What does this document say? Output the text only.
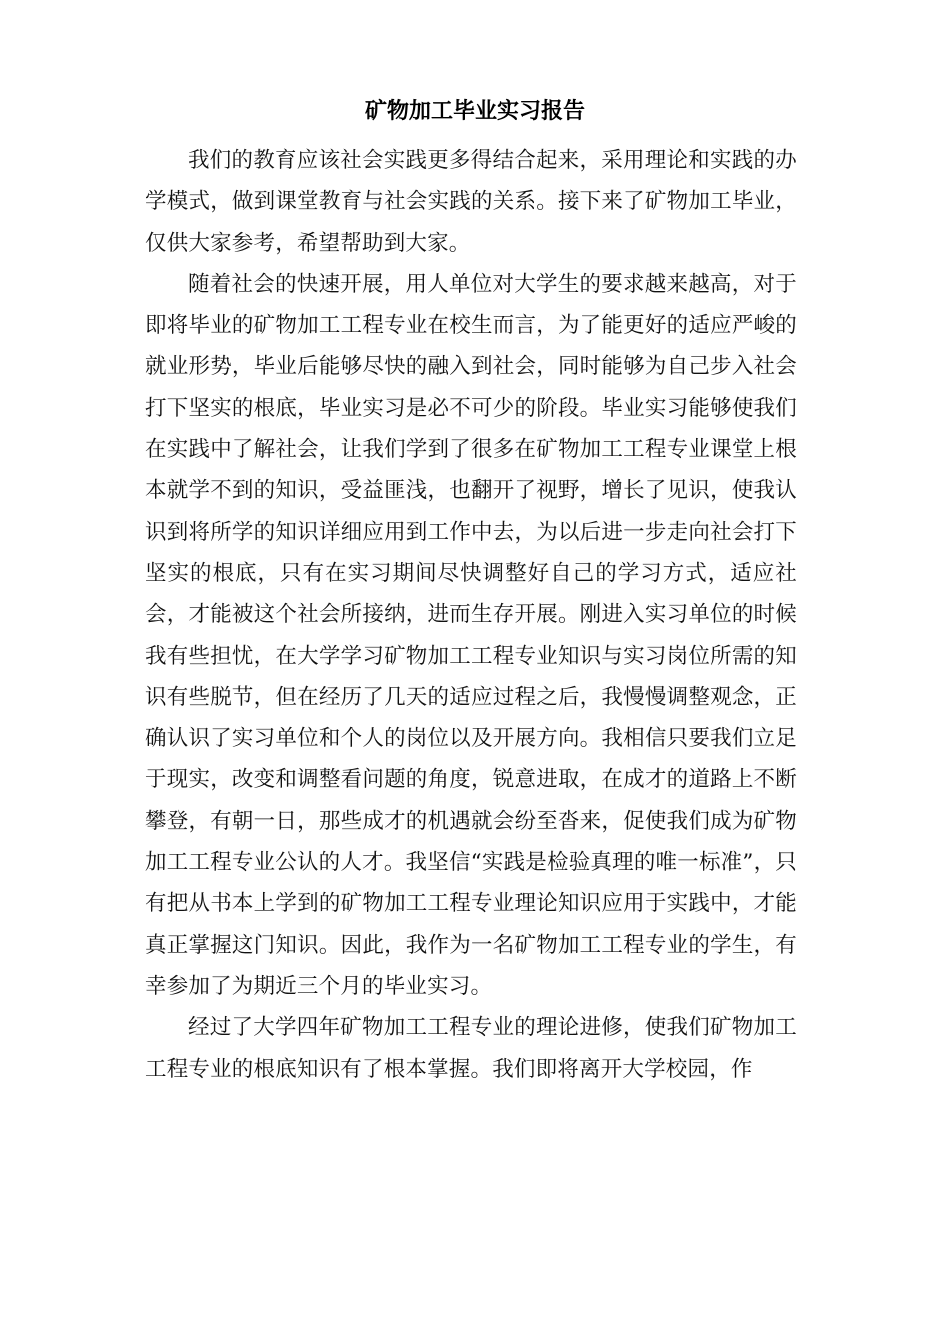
矿物加工毕业实习报告

我们的教育应该社会实践更多得结合起来，采用理论和实践的办学模式，做到课堂教育与社会实践的关系。接下来了矿物加工毕业，仅供大家参考，希望帮助到大家。

随着社会的快速开展，用人单位对大学生的要求越来越高，对于即将毕业的矿物加工工程专业在校生而言，为了能更好的适应严峻的就业形势，毕业后能够尽快的融入到社会，同时能够为自己步入社会打下坚实的根底，毕业实习是必不可少的阶段。毕业实习能够使我们在实践中了解社会，让我们学到了很多在矿物加工工程专业课堂上根本就学不到的知识，受益匪浅，也翻开了视野，增长了见识，使我认识到将所学的知识详细应用到工作中去，为以后进一步走向社会打下坚实的根底，只有在实习期间尽快调整好自己的学习方式，适应社会，才能被这个社会所接纳，进而生存开展。刚进入实习单位的时候我有些担忧，在大学学习矿物加工工程专业知识与实习岗位所需的知识有些脱节，但在经历了几天的适应过程之后，我慢慢调整观念，正确认识了实习单位和个人的岗位以及开展方向。我相信只要我们立足于现实，改变和调整看问题的角度，锐意进取，在成才的道路上不断攀登，有朝一日，那些成才的机遇就会纷至沓来，促使我们成为矿物加工工程专业公认的人才。我坚信“实践是检验真理的唯一标准”，只有把从书本上学到的矿物加工工程专业理论知识应用于实践中，才能真正掌握这门知识。因此，我作为一名矿物加工工程专业的学生，有幸参加了为期近三个月的毕业实习。

经过了大学四年矿物加工工程专业的理论进修，使我们矿物加工工程专业的根底知识有了根本掌握。我们即将离开大学校园，作
